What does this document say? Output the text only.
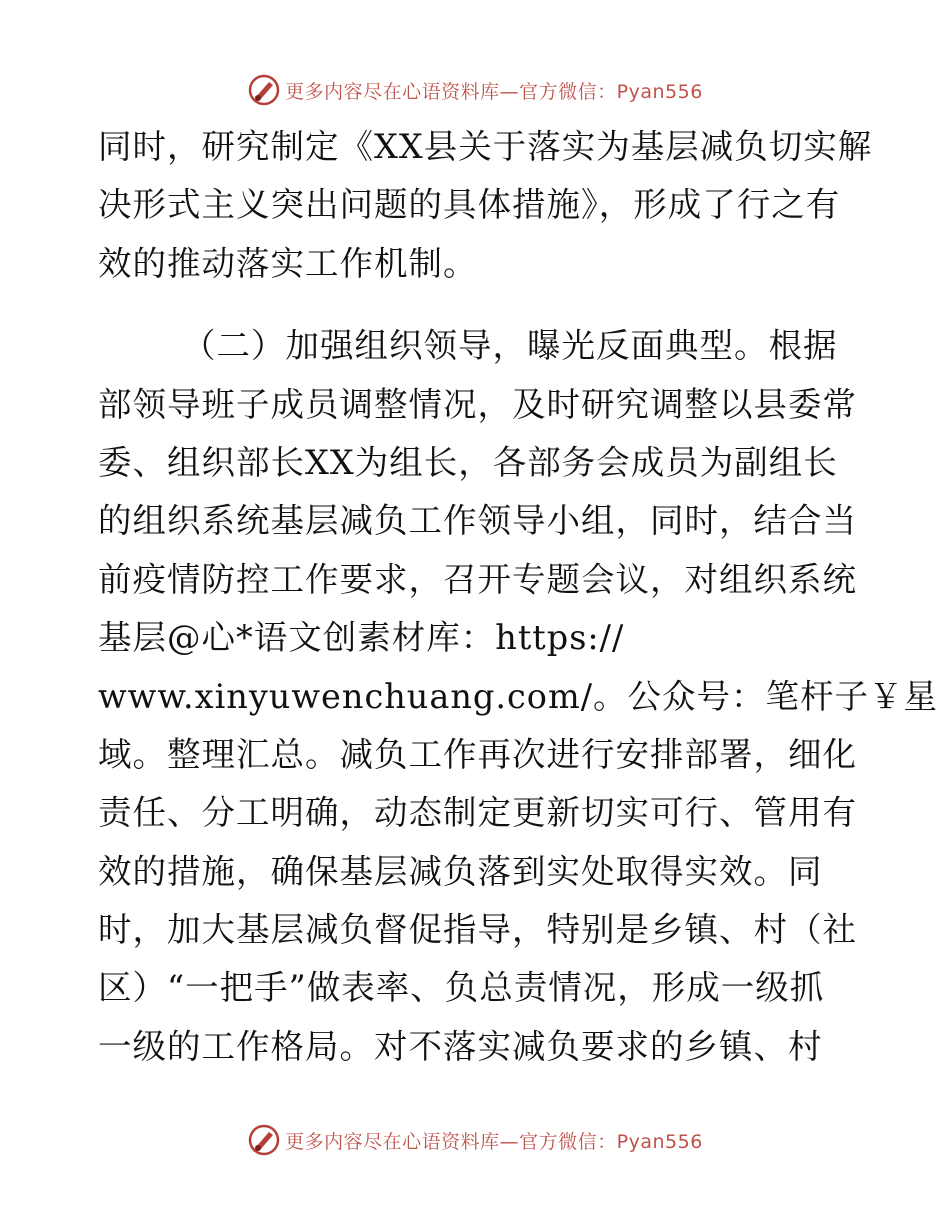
更多内容尽在心语资料库—官方微信：Pyan556
同时，研究制定《XX县关于落实为基层减负切实解
决形式主义突出问题的具体措施》，形成了行之有
效的推动落实工作机制。
（二）加强组织领导，曝光反面典型。根据
部领导班子成员调整情况，及时研究调整以县委常
委、组织部长XX为组长，各部务会成员为副组长
的组织系统基层减负工作领导小组，同时，结合当
前疫情防控工作要求，召开专题会议，对组织系统
基层@心*语文创素材库：https://
www.xinyuwenchuang.com/。公众号：笔杆子￥星
域。整理汇总。减负工作再次进行安排部署，细化
责任、分工明确，动态制定更新切实可行、管用有
效的措施，确保基层减负落到实处取得实效。同
时，加大基层减负督促指导，特别是乡镇、村（社
区）“一把手”做表率、负总责情况，形成一级抓
一级的工作格局。对不落实减负要求的乡镇、村
更多内容尽在心语资料库—官方微信：Pyan556
